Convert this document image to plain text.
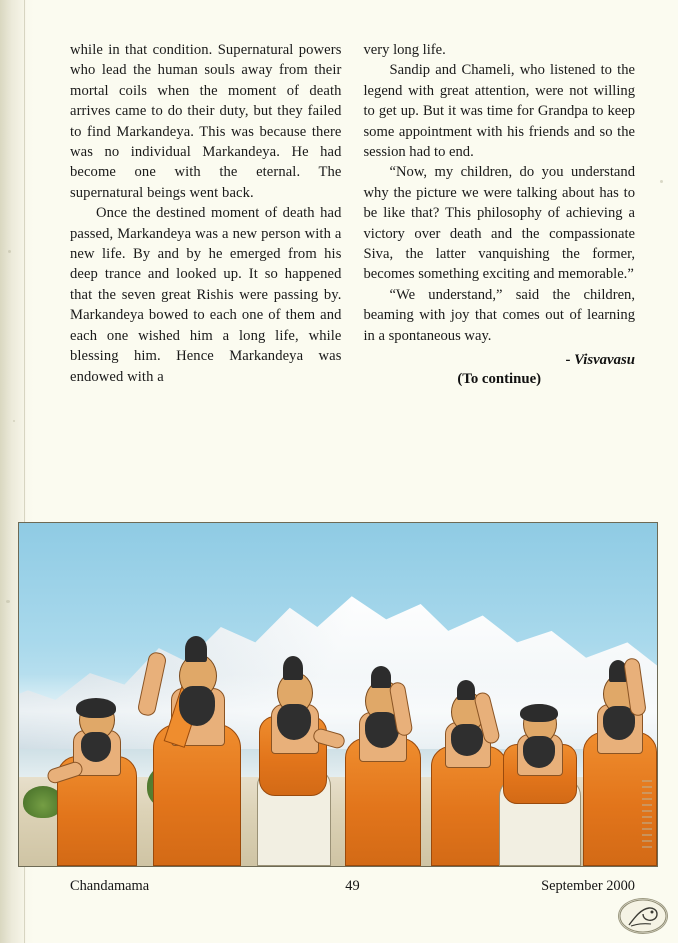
while in that condition. Supernatural powers who lead the human souls away from their mortal coils when the moment of death arrives came to do their duty, but they failed to find Markandeya. This was because there was no individual Markandeya. He had become one with the eternal. The supernatural beings went back.

Once the destined moment of death had passed, Markandeya was a new person with a new life. By and by he emerged from his deep trance and looked up. It so happened that the seven great Rishis were passing by. Markandeya bowed to each one of them and each one wished him a long life, while blessing him. Hence Markandeya was endowed with a

very long life.

Sandip and Chameli, who listened to the legend with great attention, were not willing to get up. But it was time for Grandpa to keep some appointment with his friends and so the session had to end.

“Now, my children, do you understand why the picture we were talking about has to be like that? This philosophy of achieving a victory over death and the compassionate Siva, the latter vanquishing the former, becomes something exciting and memorable.”

“We understand,” said the children, beaming with joy that comes out of learning in a spontaneous way.

- Visvavasu
(To continue)
Chandamama	49	September 2000
